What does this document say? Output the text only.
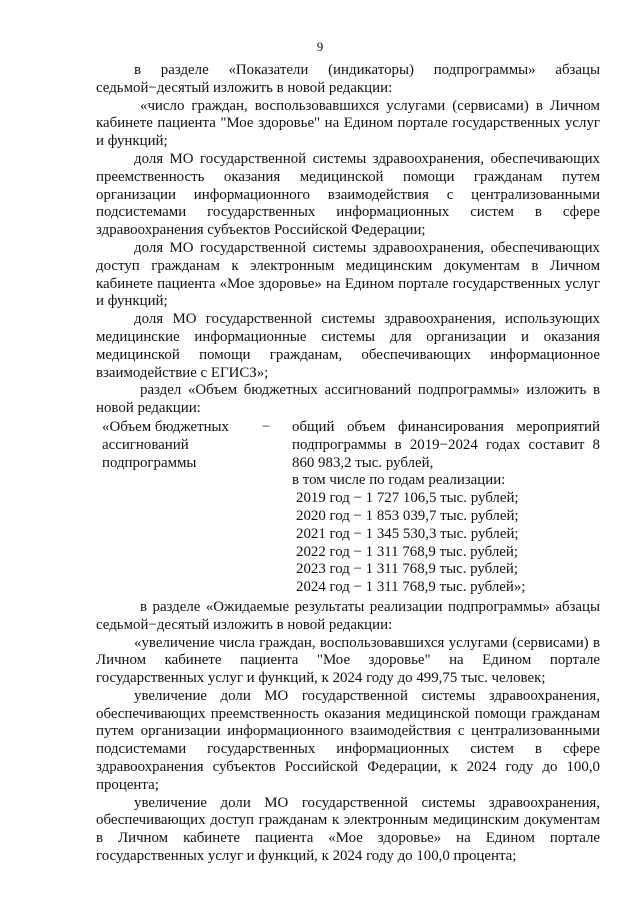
9

в разделе «Показатели (индикаторы) подпрограммы» абзацы седьмой−десятый изложить в новой редакции:

«число граждан, воспользовавшихся услугами (сервисами) в Личном кабинете пациента "Мое здоровье" на Едином портале государственных услуг и функций;

доля МО государственной системы здравоохранения, обеспечивающих преемственность оказания медицинской помощи гражданам путем организации информационного взаимодействия с централизованными подсистемами государственных информационных систем в сфере здравоохранения субъектов Российской Федерации;

доля МО государственной системы здравоохранения, обеспечивающих доступ гражданам к электронным медицинским документам в Личном кабинете пациента «Мое здоровье» на Едином портале государственных услуг и функций;

доля МО государственной системы здравоохранения, использующих медицинские информационные системы для организации и оказания медицинской помощи гражданам, обеспечивающих информационное взаимодействие с ЕГИСЗ»;

раздел «Объем бюджетных ассигнований подпрограммы» изложить в новой редакции:

«Объем бюджетных ассигнований подпрограммы
−	общий объем финансирования мероприятий подпрограммы в 2019−2024 годах составит 8 860 983,2 тыс. рублей,

в том числе по годам реализации:
2019 год − 1 727 106,5 тыс. рублей;
2020 год − 1 853 039,7 тыс. рублей;
2021 год − 1 345 530,3 тыс. рублей;
2022 год − 1 311 768,9 тыс. рублей;
2023 год − 1 311 768,9 тыс. рублей;
2024 год − 1 311 768,9 тыс. рублей»;

в разделе «Ожидаемые результаты реализации подпрограммы» абзацы седьмой−десятый изложить в новой редакции:

«увеличение числа граждан, воспользовавшихся услугами (сервисами) в Личном кабинете пациента "Мое здоровье" на Едином портале государственных услуг и функций, к 2024 году до 499,75 тыс. человек;

увеличение доли МО государственной системы здравоохранения, обеспечивающих преемственность оказания медицинской помощи гражданам путем организации информационного взаимодействия с централизованными подсистемами государственных информационных систем в сфере здравоохранения субъектов Российской Федерации, к 2024 году до 100,0 процента;

увеличение доли МО государственной системы здравоохранения, обеспечивающих доступ гражданам к электронным медицинским документам в Личном кабинете пациента «Мое здоровье» на Едином портале государственных услуг и функций, к 2024 году до 100,0 процента;
